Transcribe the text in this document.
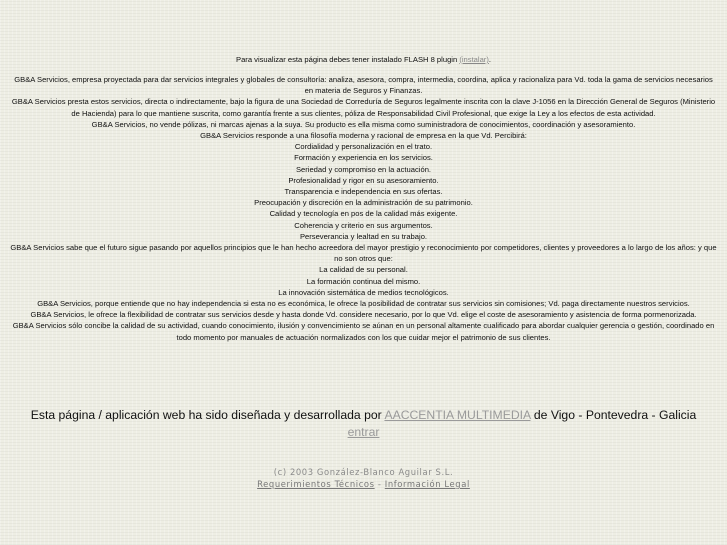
Para visualizar esta página debes tener instalado FLASH 8 plugin (instalar).

GB&A Servicios, empresa proyectada para dar servicios integrales y globales de consultoría: analiza, asesora, compra, intermedia, coordina, aplica y racionaliza para Vd. toda la gama de servicios necesarios en materia de Seguros y Finanzas.

GB&A Servicios presta estos servicios, directa o indirectamente, bajo la figura de una Sociedad de Correduría de Seguros legalmente inscrita con la clave J-1056 en la Dirección General de Seguros (Ministerio de Hacienda) para lo que mantiene suscrita, como garantía frente a sus clientes, póliza de Responsabilidad Civil Profesional, que exige la Ley a los efectos de esta actividad.

GB&A Servicios, no vende pólizas, ni marcas ajenas a la suya. Su producto es ella misma como suministradora de conocimientos, coordinación y asesoramiento.

GB&A Servicios responde a una filosofía moderna y racional de empresa en la que Vd. Percibirá:

Cordialidad y personalización en el trato.

Formación y experiencia en los servicios.

Seriedad y compromiso en la actuación.

Profesionalidad y rigor en su asesoramiento.

Transparencia e independencia en sus ofertas.

Preocupación y discreción en la administración de su patrimonio.

Calidad y tecnología en pos de la calidad más exigente.

Coherencia y criterio en sus argumentos.

Perseverancia y lealtad en su trabajo.

GB&A Servicios sabe que el futuro sigue pasando por aquellos principios que le han hecho acreedora del mayor prestigio y reconocimiento por competidores, clientes y proveedores a lo largo de los años: y que no son otros que:

La calidad de su personal.

La formación continua del mismo.

La innovación sistemática de medios tecnológicos.

GB&A Servicios, porque entiende que no hay independencia si esta no es económica, le ofrece la posibilidad de contratar sus servicios sin comisiones; Vd. paga directamente nuestros servicios.

GB&A Servicios, le ofrece la flexibilidad de contratar sus servicios desde y hasta donde Vd. considere necesario, por lo que Vd. elige el coste de asesoramiento y asistencia de forma pormenorizada.

GB&A Servicios sólo concibe la calidad de su actividad, cuando conocimiento, ilusión y convencimiento se aúnan en un personal altamente cualificado para abordar cualquier gerencia o gestión, coordinado en todo momento por manuales de actuación normalizados con los que cuidar mejor el patrimonio de sus clientes.

Esta página / aplicación web ha sido diseñada y desarrollada por AACCENTIA MULTIMEDIA de Vigo - Pontevedra - Galicia
entrar
(c) 2003 González-Blanco Aguilar S.L.
Requerimientos Técnicos - Información Legal
